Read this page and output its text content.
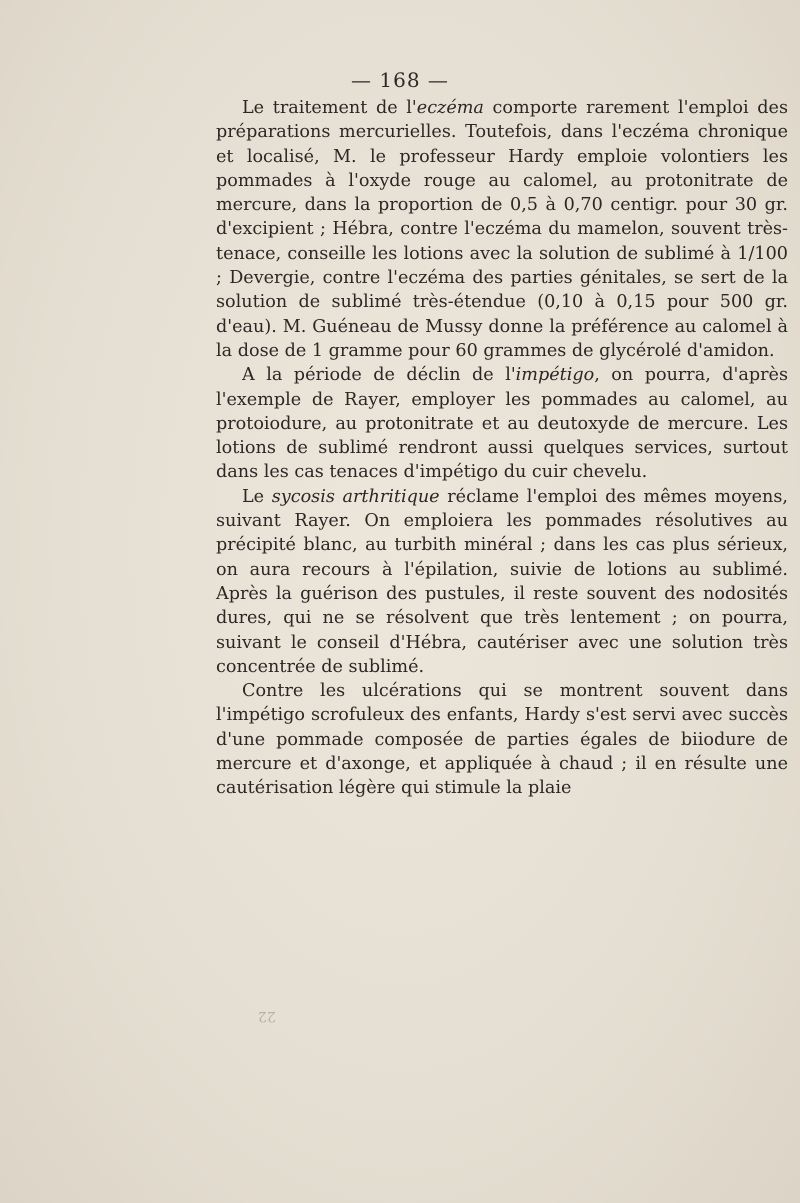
— 168 —

Le traitement de l'eczéma comporte rarement l'emploi des préparations mercurielles. Toutefois, dans l'eczéma chronique et localisé, M. le professeur Hardy emploie volontiers les pommades à l'oxyde rouge au calomel, au protonitrate de mercure, dans la proportion de 0,5 à 0,70 centigr. pour 30 gr. d'excipient ; Hébra, contre l'eczéma du mamelon, souvent très-tenace, conseille les lotions avec la solution de sublimé à 1/100 ; Devergie, contre l'eczéma des parties génitales, se sert de la solution de sublimé très-étendue (0,10 à 0,15 pour 500 gr. d'eau). M. Guéneau de Mussy donne la préférence au calomel à la dose de 1 gramme pour 60 grammes de glycérolé d'amidon.

A la période de déclin de l'impétigo, on pourra, d'après l'exemple de Rayer, employer les pommades au calomel, au protoiodure, au protonitrate et au deutoxyde de mercure. Les lotions de sublimé rendront aussi quelques services, surtout dans les cas tenaces d'impétigo du cuir chevelu.

Le sycosis arthritique réclame l'emploi des mêmes moyens, suivant Rayer. On emploiera les pommades résolutives au précipité blanc, au turbith minéral ; dans les cas plus sérieux, on aura recours à l'épilation, suivie de lotions au sublimé. Après la guérison des pustules, il reste souvent des nodosités dures, qui ne se résolvent que très lentement ; on pourra, suivant le conseil d'Hébra, cautériser avec une solution très concentrée de sublimé.

Contre les ulcérations qui se montrent souvent dans l'impétigo scrofuleux des enfants, Hardy s'est servi avec succès d'une pommade composée de parties égales de biiodure de mercure et d'axonge, et appliquée à chaud ; il en résulte une cautérisation légère qui stimule la plaie

22
